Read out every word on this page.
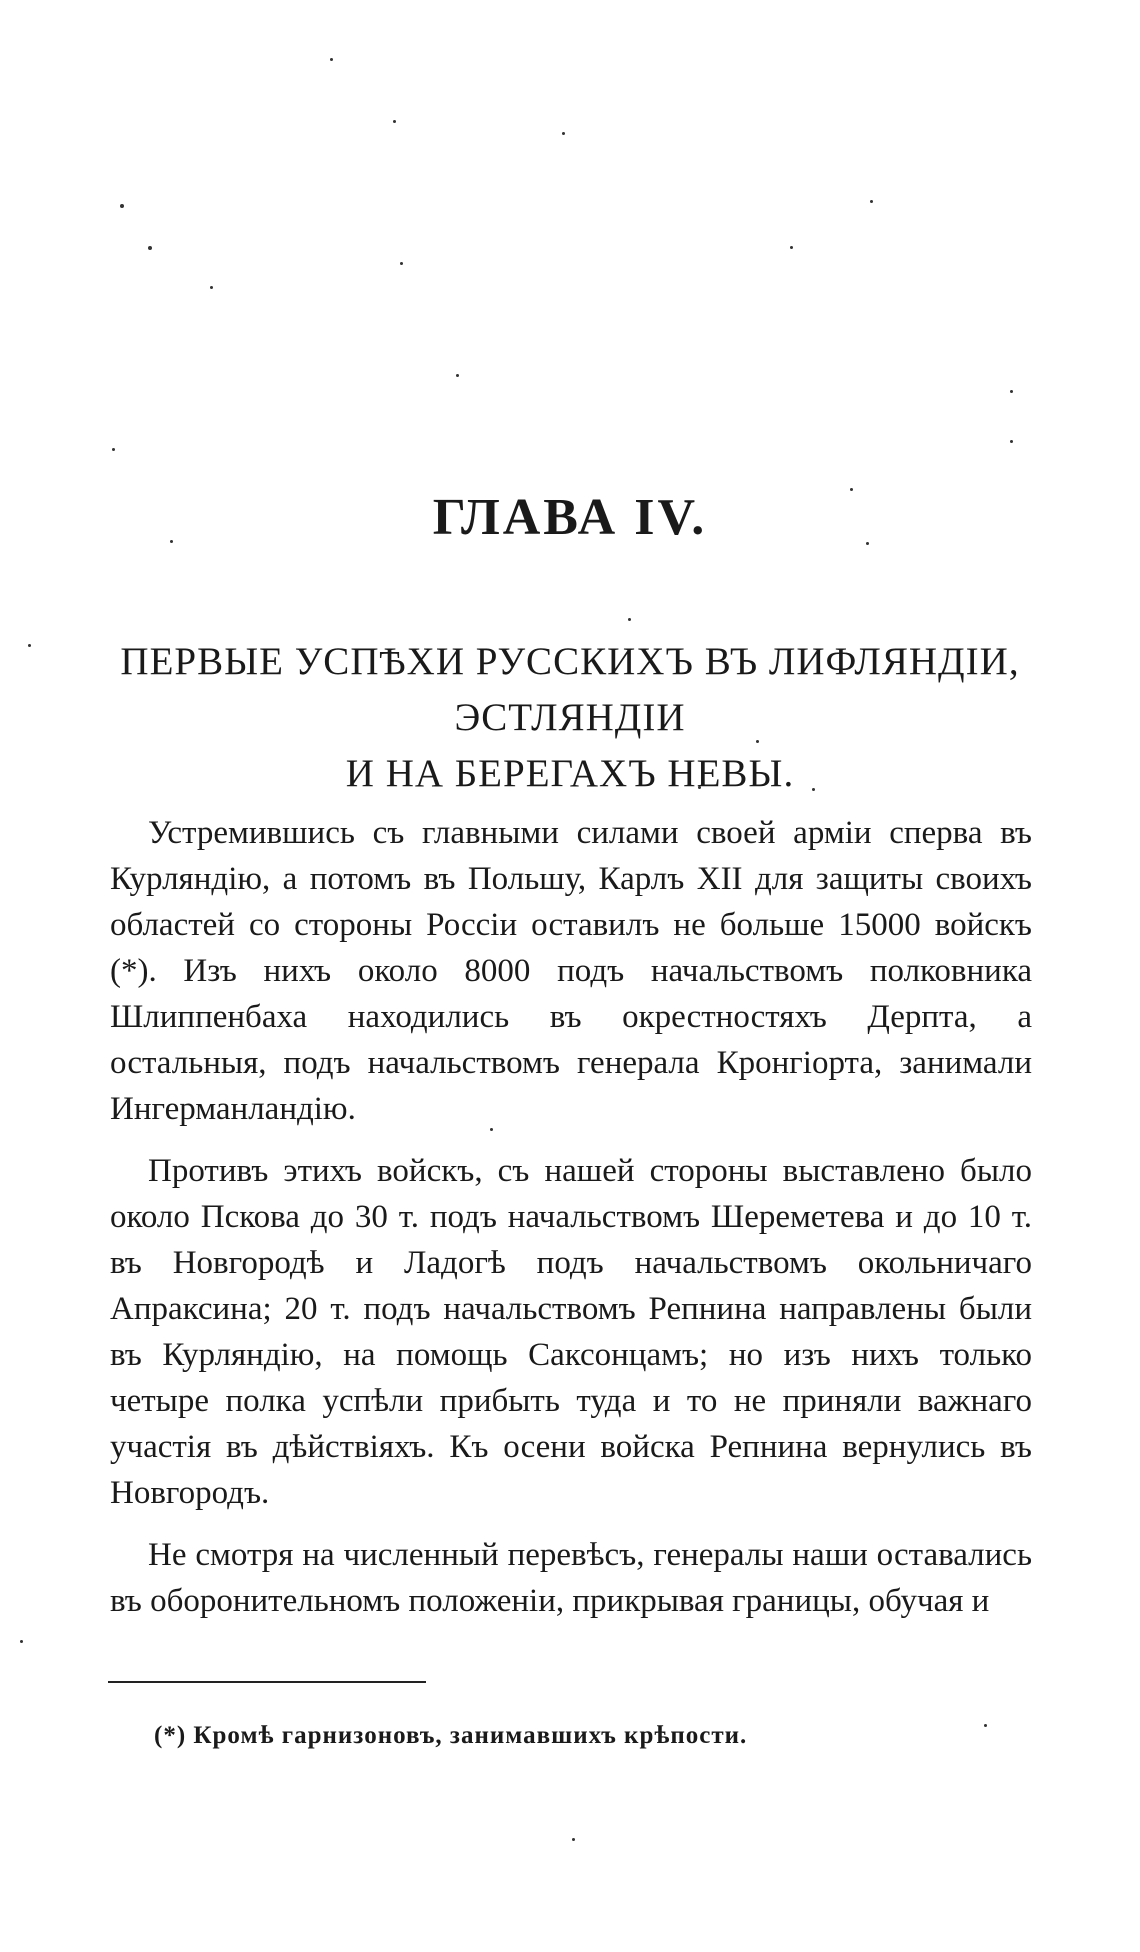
ГЛАВА IV.
ПЕРВЫЕ УСПѢХИ РУССКИХЪ ВЪ ЛИФЛЯНДІИ, ЭСТЛЯНДІИ
И НА БЕРЕГАХЪ НЕВЫ.

Устремившись съ главными силами своей арміи сперва въ Курляндію, а потомъ въ Польшу, Карлъ XII для защиты своихъ областей со стороны Россіи оставилъ не больше 15000 войскъ (*). Изъ нихъ около 8000 подъ начальствомъ полковника Шлиппенбаха находились въ окрестностяхъ Дерпта, а остальныя, подъ начальствомъ генерала Кронгіорта, занимали Ингерманландію.

Противъ этихъ войскъ, съ нашей стороны выставлено было около Пскова до 30 т. подъ начальствомъ Шереметева и до 10 т. въ Новгородѣ и Ладогѣ подъ начальствомъ окольничаго Апраксина; 20 т. подъ начальствомъ Репнина направлены были въ Курляндію, на помощь Саксонцамъ; но изъ нихъ только четыре полка успѣли прибыть туда и то не приняли важнаго участія въ дѣйствіяхъ. Къ осени войска Репнина вернулись въ Новгородъ.

Не смотря на численный перевѣсъ, генералы наши оставались въ оборонительномъ положеніи, прикрывая границы, обучая и

(*) Кромѣ гарнизоновъ, занимавшихъ крѣпости.
